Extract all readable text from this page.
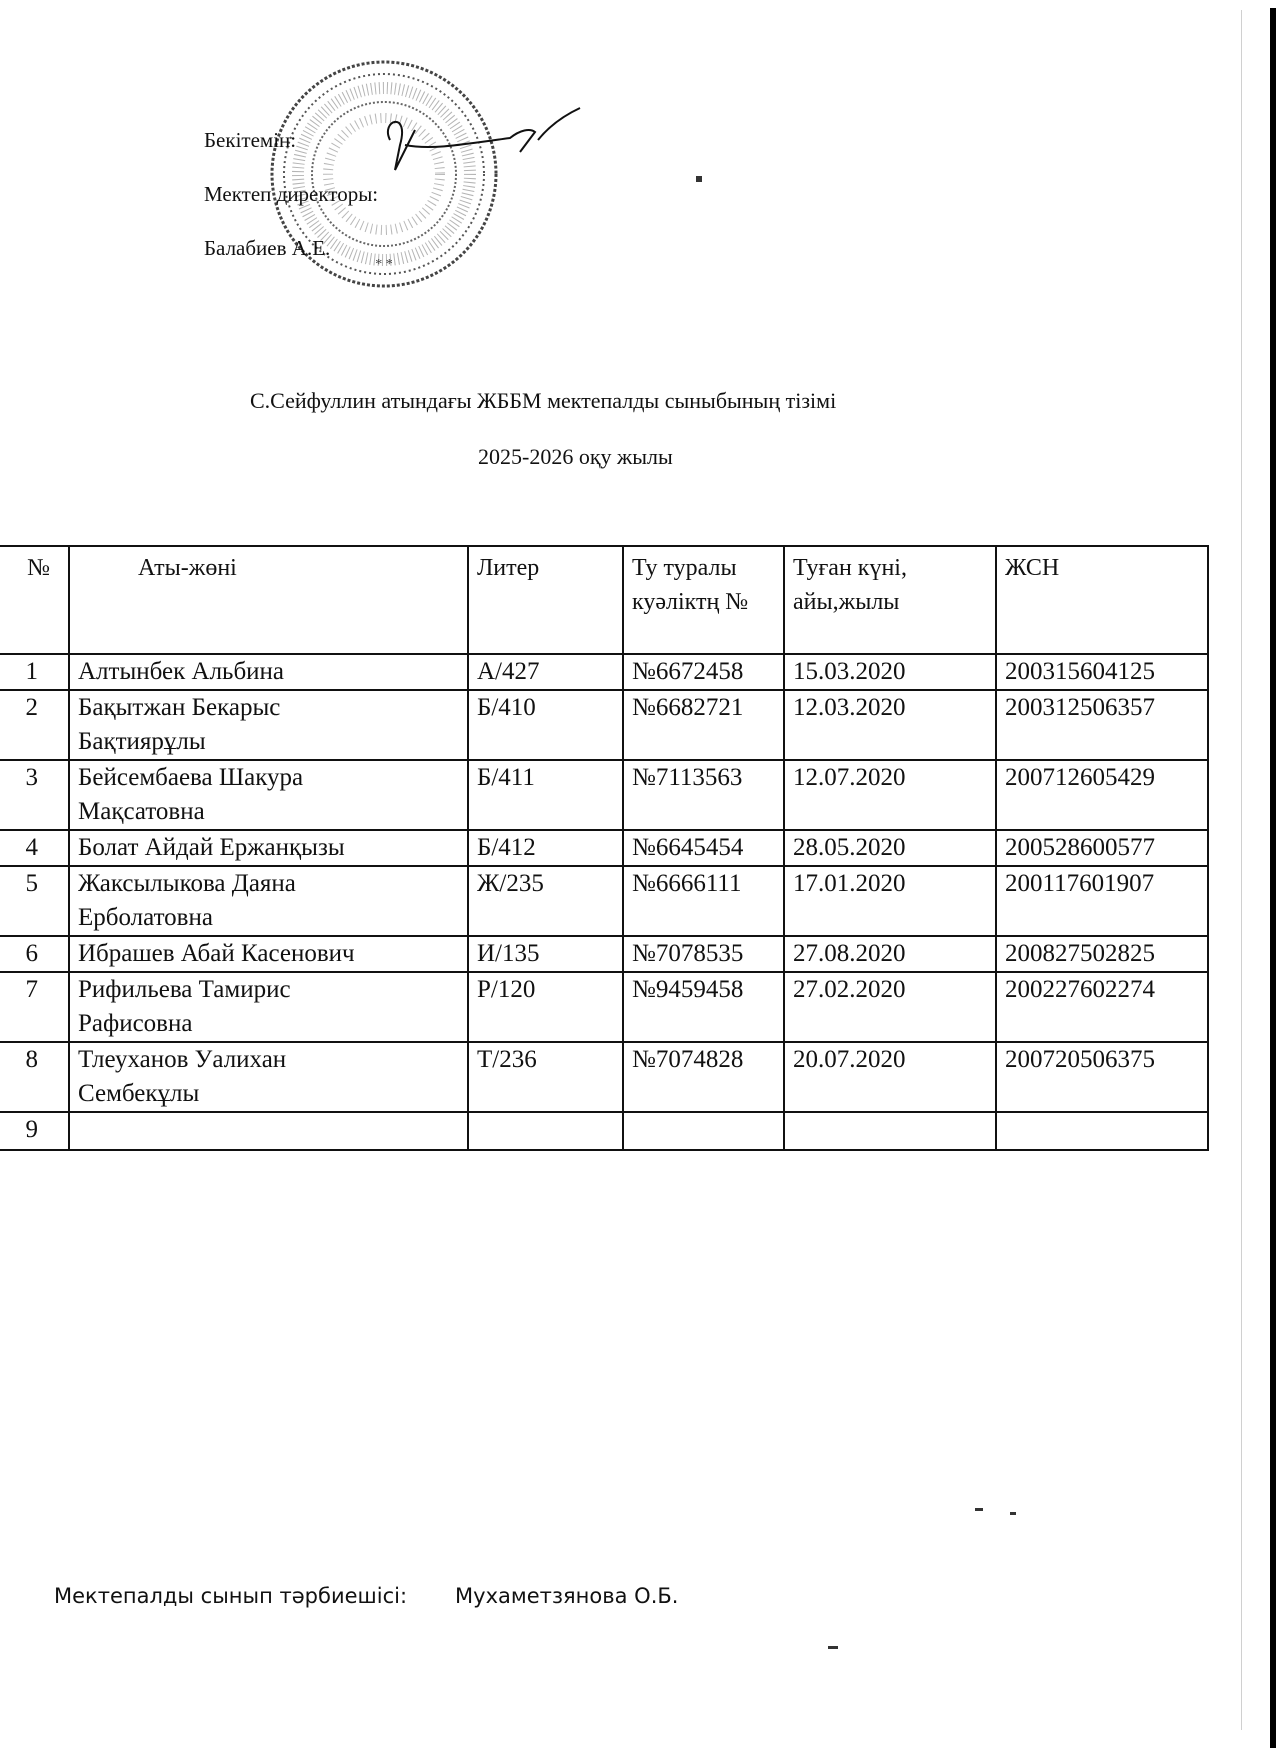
* *
Бекітемін:
Мектеп директоры:
Балабиев А.Е.
С.Сейфуллин атындағы ЖББМ мектепалды сыныбының тізімі
2025-2026 оқу жылы
№	Аты-жөні	Литер	Ту туралы куәліктң №	Туған күні, айы,жылы	ЖСН
1	Алтынбек Альбина	А/427	№6672458	15.03.2020	200315604125
2	Бақытжан Бекарыс Бақтиярұлы	Б/410	№6682721	12.03.2020	200312506357
3	Бейсембаева Шакура Мақсатовна	Б/411	№7113563	12.07.2020	200712605429
4	Болат Айдай Ержанқызы	Б/412	№6645454	28.05.2020	200528600577
5	Жаксылыкова Даяна Ерболатовна	Ж/235	№6666111	17.01.2020	200117601907
6	Ибрашев Абай Касенович	И/135	№7078535	27.08.2020	200827502825
7	Рифильева Тамирис Рафисовна	Р/120	№9459458	27.02.2020	200227602274
8	Тлеуханов Уалихан Сембекұлы	Т/236	№7074828	20.07.2020	200720506375
9					
Мектепалды сынып тәрбиешісі: Мухаметзянова О.Б.
